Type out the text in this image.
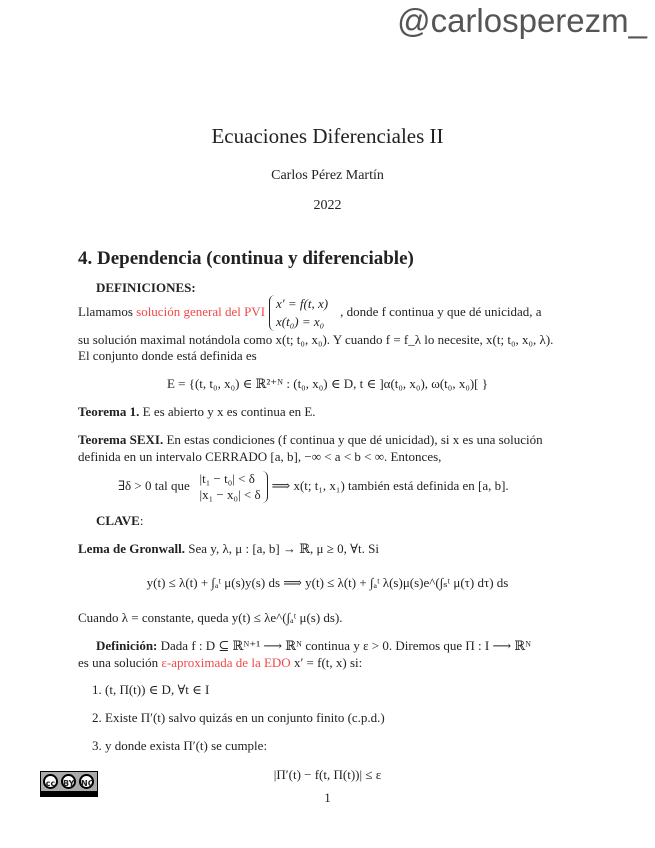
@carlosperezm_
Ecuaciones Diferenciales II
Carlos Pérez Martín
2022
4. Dependencia (continua y diferenciable)
DEFINICIONES:
Llamamos solución general del PVIx′ = f(t, x)
x(t₀) = x₀, donde f continua y que dé unicidad, a
su solución maximal notándola como x(t; t₀, x₀). Y cuando f = f_λ lo necesite, x(t; t₀, x₀, λ).
El conjunto donde está definida es
E = {(t, t₀, x₀) ∈ ℝ²⁺ᴺ : (t₀, x₀) ∈ D, t ∈ ]α(t₀, x₀), ω(t₀, x₀)[ }
Teorema 1. E es abierto y x es continua en E.
Teorema SEXI. En estas condiciones (f continua y que dé unicidad), si x es una solución
definida en un intervalo CERRADO [a, b], −∞ < a < b < ∞. Entonces,
∃δ > 0 tal que |t₁ − t₀| < δ
|x₁ − x₀| < δ⟹ x(t; t₁, x₁) también está definida en [a, b].
CLAVE:
Lema de Gronwall. Sea y, λ, μ : [a, b] → ℝ, μ ≥ 0, ∀t. Si
y(t) ≤ λ(t) + ∫ₐᵗ μ(s)y(s) ds ⟹ y(t) ≤ λ(t) + ∫ₐᵗ λ(s)μ(s)e^(∫ₛᵗ μ(τ) dτ) ds
Cuando λ = constante, queda y(t) ≤ λe^(∫ₐᵗ μ(s) ds).
Definición: Dada f : D ⊆ ℝᴺ⁺¹ ⟶ ℝᴺ continua y ε > 0. Diremos que Π : I ⟶ ℝᴺ
es una solución ε-aproximada de la EDO x′ = f(t, x) si:
1. (t, Π(t)) ∈ D, ∀t ∈ I
2. Existe Π′(t) salvo quizás en un conjunto finito (c.p.d.)
3. y donde exista Π′(t) se cumple:
|Π′(t) − f(t, Π(t))| ≤ ε
cc BY NC
1
